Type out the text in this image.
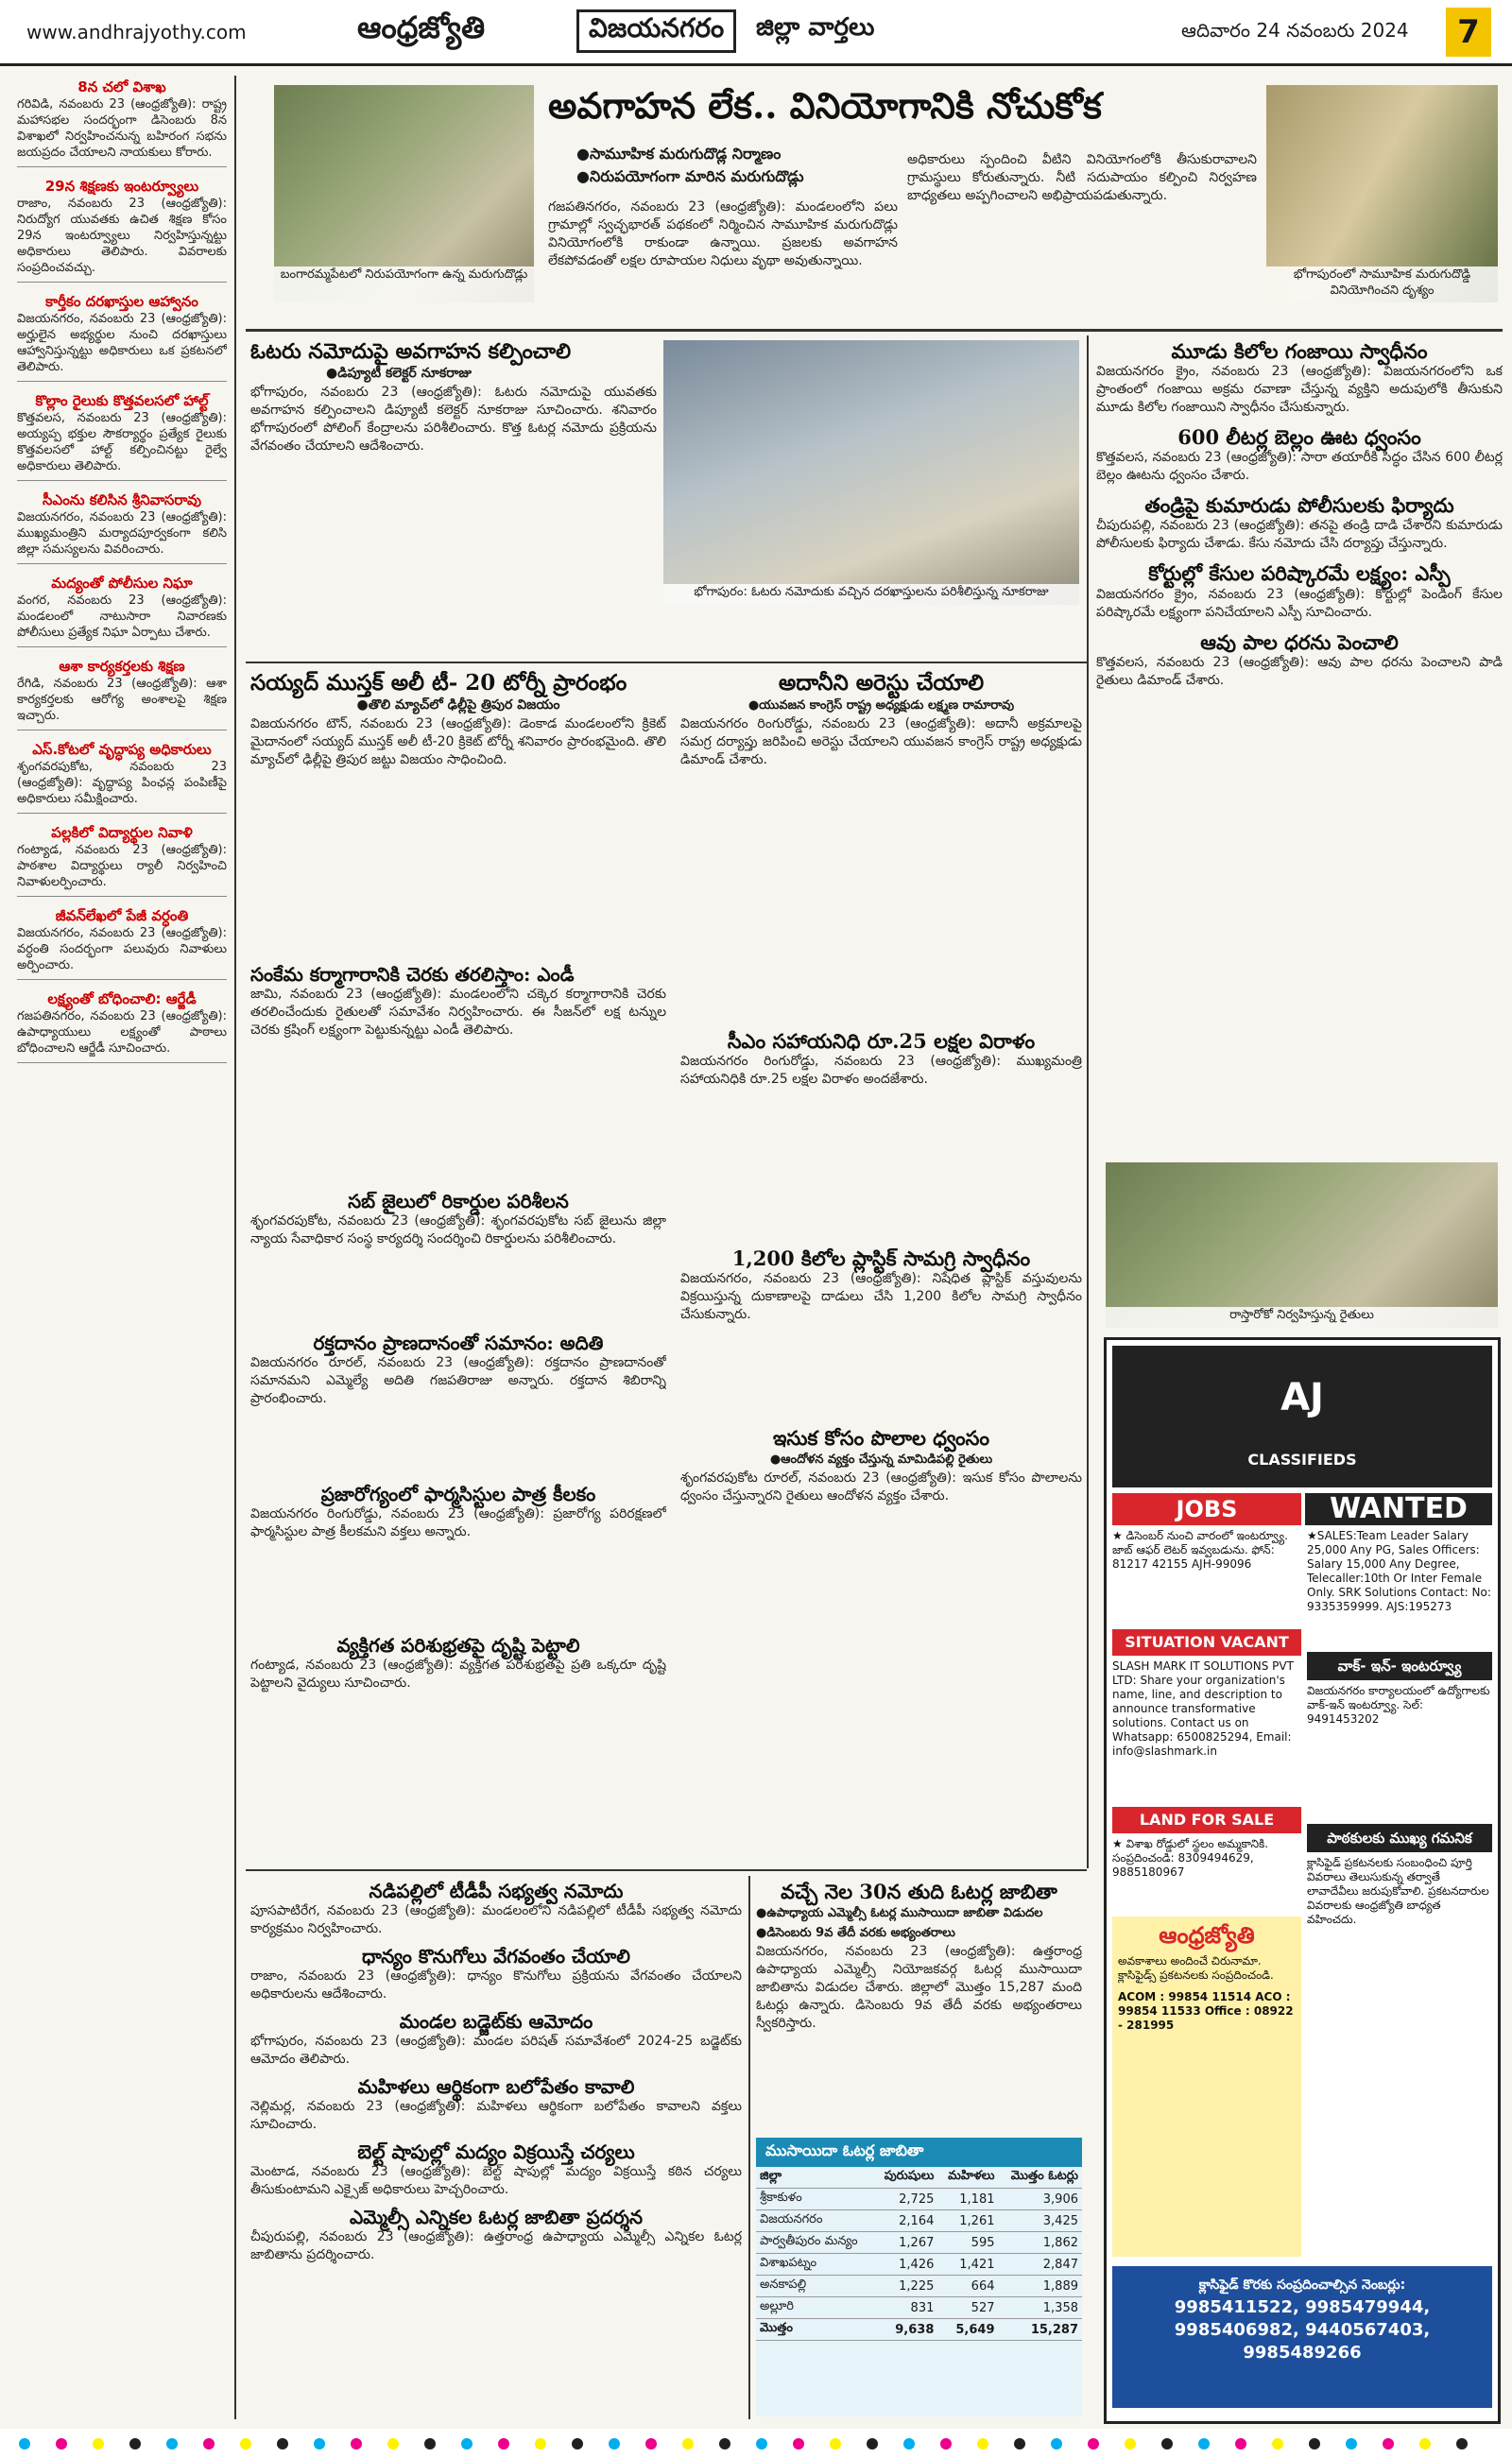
www.andhrajyothy.com	ఆంధ్రజ్యోతి	విజయనగరం	జిల్లా వార్తలు	ఆదివారం 24 నవంబరు 2024	7
8న చలో విశాఖ
గరివిడి, నవంబరు 23 (ఆంధ్రజ్యోతి): రాష్ట్ర మహాసభల సందర్భంగా డిసెంబరు 8న విశాఖలో నిర్వహించనున్న బహిరంగ సభను జయప్రదం చేయాలని నాయకులు కోరారు.
29న శిక్షణకు ఇంటర్వ్యూలు
రాజాం, నవంబరు 23 (ఆంధ్రజ్యోతి): నిరుద్యోగ యువతకు ఉచిత శిక్షణ కోసం 29న ఇంటర్వ్యూలు నిర్వహిస్తున్నట్టు అధికారులు తెలిపారు. వివరాలకు సంప్రదించవచ్చు.
కార్తీకం దరఖాస్తుల ఆహ్వానం
విజయనగరం, నవంబరు 23 (ఆంధ్రజ్యోతి): అర్హులైన అభ్యర్థుల నుంచి దరఖాస్తులు ఆహ్వానిస్తున్నట్టు అధికారులు ఒక ప్రకటనలో తెలిపారు.
కొల్లాం రైలుకు కొత్తవలసలో హాల్ట్
కొత్తవలస, నవంబరు 23 (ఆంధ్రజ్యోతి): అయ్యప్ప భక్తుల సౌకర్యార్థం ప్రత్యేక రైలుకు కొత్తవలసలో హాల్ట్ కల్పించినట్టు రైల్వే అధికారులు తెలిపారు.
సీఎంను కలిసిన శ్రీనివాసరావు
విజయనగరం, నవంబరు 23 (ఆంధ్రజ్యోతి): ముఖ్యమంత్రిని మర్యాదపూర్వకంగా కలిసి జిల్లా సమస్యలను వివరించారు.
మద్యంతో పోలీసుల నిఘా
వంగర, నవంబరు 23 (ఆంధ్రజ్యోతి): మండలంలో నాటుసారా నివారణకు పోలీసులు ప్రత్యేక నిఘా ఏర్పాటు చేశారు.
ఆశా కార్యకర్తలకు శిక్షణ
రేగిడి, నవంబరు 23 (ఆంధ్రజ్యోతి): ఆశా కార్యకర్తలకు ఆరోగ్య అంశాలపై శిక్షణ ఇచ్చారు.
ఎస్‌.కోటలో వృద్ధాప్య అధికారులు
శృంగవరపుకోట, నవంబరు 23 (ఆంధ్రజ్యోతి): వృద్ధాప్య పింఛన్ల పంపిణీపై అధికారులు సమీక్షించారు.
పల్లకిలో విద్యార్థుల నివాళి
గంట్యాడ, నవంబరు 23 (ఆంధ్రజ్యోతి): పాఠశాల విద్యార్థులు ర్యాలీ నిర్వహించి నివాళులర్పించారు.
జీవన్‌లేఖలో పేజీ వర్ధంతి
విజయనగరం, నవంబరు 23 (ఆంధ్రజ్యోతి): వర్ధంతి సందర్భంగా పలువురు నివాళులు అర్పించారు.
లక్ష్యంతో బోధించాలి: ఆర్జేడీ
గజపతినగరం, నవంబరు 23 (ఆంధ్రజ్యోతి): ఉపాధ్యాయులు లక్ష్యంతో పాఠాలు బోధించాలని ఆర్జేడీ సూచించారు.
బంగారమ్మపేటలో నిరుపయోగంగా ఉన్న మరుగుదొడ్లు
అవగాహన లేక.. వినియోగానికి నోచుకోక
●సామూహిక మరుగుదొడ్ల నిర్మాణం
●నిరుపయోగంగా మారిన మరుగుదొడ్లు
గజపతినగరం, నవంబరు 23 (ఆంధ్రజ్యోతి): మండలంలోని పలు గ్రామాల్లో స్వచ్ఛభారత్ పథకంలో నిర్మించిన సామూహిక మరుగుదొడ్లు వినియోగంలోకి రాకుండా ఉన్నాయి. ప్రజలకు అవగాహన లేకపోవడంతో లక్షల రూపాయల నిధులు వృథా అవుతున్నాయి.
అధికారులు స్పందించి వీటిని వినియోగంలోకి తీసుకురావాలని గ్రామస్థులు కోరుతున్నారు. నీటి సదుపాయం కల్పించి నిర్వహణ బాధ్యతలు అప్పగించాలని అభిప్రాయపడుతున్నారు.
భోగాపురంలో సామూహిక మరుగుదొడ్డి వినియోగించని దృశ్యం
ఓటరు నమోదుపై అవగాహన కల్పించాలి
●డిప్యూటీ కలెక్టర్‌ నూకరాజు
భోగాపురం, నవంబరు 23 (ఆంధ్రజ్యోతి): ఓటరు నమోదుపై యువతకు అవగాహన కల్పించాలని డిప్యూటీ కలెక్టర్ నూకరాజు సూచించారు. శనివారం భోగాపురంలో పోలింగ్ కేంద్రాలను పరిశీలించారు. కొత్త ఓటర్ల నమోదు ప్రక్రియను వేగవంతం చేయాలని ఆదేశించారు.
భోగాపురం: ఓటరు నమోదుకు వచ్చిన దరఖాస్తులను పరిశీలిస్తున్న నూకరాజు
సయ్యద్‌ ముస్తక్‌ అలీ టీ- 20 టోర్నీ ప్రారంభం
●తొలి మ్యాచ్‌లో ఢిల్లీపై త్రిపుర విజయం
విజయనగరం టౌన్, నవంబరు 23 (ఆంధ్రజ్యోతి): డెంకాడ మండలంలోని క్రికెట్ మైదానంలో సయ్యద్ ముస్తక్ అలీ టీ-20 క్రికెట్ టోర్నీ శనివారం ప్రారంభమైంది. తొలి మ్యాచ్‌లో ఢిల్లీపై త్రిపుర జట్టు విజయం సాధించింది.
అదానీని అరెస్టు చేయాలి
●యువజన కాంగ్రెస్‌ రాష్ట్ర అధ్యక్షుడు లక్ష్మణ రామారావు
విజయనగరం రింగురోడ్డు, నవంబరు 23 (ఆంధ్రజ్యోతి): అదానీ అక్రమాలపై సమగ్ర దర్యాప్తు జరిపించి అరెస్టు చేయాలని యువజన కాంగ్రెస్ రాష్ట్ర అధ్యక్షుడు డిమాండ్ చేశారు.
సంకేమ కర్మాగారానికి చెరకు తరలిస్తాం: ఎండీ
జామి, నవంబరు 23 (ఆంధ్రజ్యోతి): మండలంలోని చక్కెర కర్మాగారానికి చెరకు తరలించేందుకు రైతులతో సమావేశం నిర్వహించారు. ఈ సీజన్‌లో లక్ష టన్నుల చెరకు క్రషింగ్ లక్ష్యంగా పెట్టుకున్నట్టు ఎండీ తెలిపారు.	సీఎం సహాయనిధి రూ.25 లక్షల విరాళం
విజయనగరం రింగురోడ్డు, నవంబరు 23 (ఆంధ్రజ్యోతి): ముఖ్యమంత్రి సహాయనిధికి రూ.25 లక్షల విరాళం అందజేశారు.
సబ్‌ జైలులో రికార్డుల పరిశీలన
శృంగవరపుకోట, నవంబరు 23 (ఆంధ్రజ్యోతి): శృంగవరపుకోట సబ్ జైలును జిల్లా న్యాయ సేవాధికార సంస్థ కార్యదర్శి సందర్శించి రికార్డులను పరిశీలించారు.
1,200 కిలోల ప్లాస్టిక్‌ సామగ్రి స్వాధీనం
విజయనగరం, నవంబరు 23 (ఆంధ్రజ్యోతి): నిషేధిత ప్లాస్టిక్ వస్తువులను విక్రయిస్తున్న దుకాణాలపై దాడులు చేసి 1,200 కిలోల సామగ్రి స్వాధీనం చేసుకున్నారు.
రక్తదానం ప్రాణదానంతో సమానం: అదితి
విజయనగరం రూరల్, నవంబరు 23 (ఆంధ్రజ్యోతి): రక్తదానం ప్రాణదానంతో సమానమని ఎమ్మెల్యే అదితి గజపతిరాజు అన్నారు. రక్తదాన శిబిరాన్ని ప్రారంభించారు.
ఇసుక కోసం పొలాల ధ్వంసం
●ఆందోళన వ్యక్తం చేస్తున్న మామిడిపల్లి రైతులు
శృంగవరపుకోట రూరల్, నవంబరు 23 (ఆంధ్రజ్యోతి): ఇసుక కోసం పొలాలను ధ్వంసం చేస్తున్నారని రైతులు ఆందోళన వ్యక్తం చేశారు.
ప్రజారోగ్యంలో ఫార్మసిస్టుల పాత్ర కీలకం
విజయనగరం రింగురోడ్డు, నవంబరు 23 (ఆంధ్రజ్యోతి): ప్రజారోగ్య పరిరక్షణలో ఫార్మసిస్టుల పాత్ర కీలకమని వక్తలు అన్నారు.
వ్యక్తిగత పరిశుభ్రతపై దృష్టి పెట్టాలి
గంట్యాడ, నవంబరు 23 (ఆంధ్రజ్యోతి): వ్యక్తిగత పరిశుభ్రతపై ప్రతి ఒక్కరూ దృష్టి పెట్టాలని వైద్యులు సూచించారు.
నడిపల్లిలో టీడీపీ సభ్యత్వ నమోదు
పూసపాటిరేగ, నవంబరు 23 (ఆంధ్రజ్యోతి): మండలంలోని నడిపల్లిలో టీడీపీ సభ్యత్వ నమోదు కార్యక్రమం నిర్వహించారు.
ధాన్యం కొనుగోలు వేగవంతం చేయాలి
రాజాం, నవంబరు 23 (ఆంధ్రజ్యోతి): ధాన్యం కొనుగోలు ప్రక్రియను వేగవంతం చేయాలని అధికారులను ఆదేశించారు.
మండల బడ్జెట్‌కు ఆమోదం
భోగాపురం, నవంబరు 23 (ఆంధ్రజ్యోతి): మండల పరిషత్ సమావేశంలో 2024-25 బడ్జెట్‌కు ఆమోదం తెలిపారు.
మహిళలు ఆర్థికంగా బలోపేతం కావాలి
నెల్లిమర్ల, నవంబరు 23 (ఆంధ్రజ్యోతి): మహిళలు ఆర్థికంగా బలోపేతం కావాలని వక్తలు సూచించారు.
బెల్ట్‌ షాపుల్లో మద్యం విక్రయిస్తే చర్యలు
మెంటాడ, నవంబరు 23 (ఆంధ్రజ్యోతి): బెల్ట్ షాపుల్లో మద్యం విక్రయిస్తే కఠిన చర్యలు తీసుకుంటామని ఎక్సైజ్ అధికారులు హెచ్చరించారు.
ఎమ్మెల్సీ ఎన్నికల ఓటర్ల జాబితా ప్రదర్శన
చీపురుపల్లి, నవంబరు 23 (ఆంధ్రజ్యోతి): ఉత్తరాంధ్ర ఉపాధ్యాయ ఎమ్మెల్సీ ఎన్నికల ఓటర్ల జాబితాను ప్రదర్శించారు.
వచ్చే నెల 30న తుది ఓటర్ల జాబితా
●ఉపాధ్యాయ ఎమ్మెల్సీ ఓటర్ల ముసాయిదా జాబితా విడుదల
●డిసెంబరు 9వ తేదీ వరకు అభ్యంతరాలు
విజయనగరం, నవంబరు 23 (ఆంధ్రజ్యోతి): ఉత్తరాంధ్ర ఉపాధ్యాయ ఎమ్మెల్సీ నియోజకవర్గ ఓటర్ల ముసాయిదా జాబితాను విడుదల చేశారు. జిల్లాలో మొత్తం 15,287 మంది ఓటర్లు ఉన్నారు. డిసెంబరు 9వ తేదీ వరకు అభ్యంతరాలు స్వీకరిస్తారు.
ముసాయిదా ఓటర్ల జాబితా
జిల్లా	పురుషులు	మహిళలు	మొత్తం ఓటర్లు
శ్రీకాకుళం	2,725	1,181	3,906
విజయనగరం	2,164	1,261	3,425
పార్వతీపురం మన్యం	1,267	595	1,862
విశాఖపట్నం	1,426	1,421	2,847
అనకాపల్లి	1,225	664	1,889
అల్లూరి	831	527	1,358
మొత్తం	9,638	5,649	15,287
మూడు కిలోల గంజాయి స్వాధీనం
విజయనగరం క్రైం, నవంబరు 23 (ఆంధ్రజ్యోతి): విజయనగరంలోని ఒక ప్రాంతంలో గంజాయి అక్రమ రవాణా చేస్తున్న వ్యక్తిని అదుపులోకి తీసుకుని మూడు కిలోల గంజాయిని స్వాధీనం చేసుకున్నారు.
600 లీటర్ల బెల్లం ఊట ధ్వంసం
కొత్తవలస, నవంబరు 23 (ఆంధ్రజ్యోతి): సారా తయారీకి సిద్ధం చేసిన 600 లీటర్ల బెల్లం ఊటను ధ్వంసం చేశారు.
తండ్రిపై కుమారుడు పోలీసులకు ఫిర్యాదు
చీపురుపల్లి, నవంబరు 23 (ఆంధ్రజ్యోతి): తనపై తండ్రి దాడి చేశారని కుమారుడు పోలీసులకు ఫిర్యాదు చేశాడు. కేసు నమోదు చేసి దర్యాప్తు చేస్తున్నారు.
కోర్టుల్లో కేసుల పరిష్కారమే లక్ష్యం: ఎస్పీ
విజయనగరం క్రైం, నవంబరు 23 (ఆంధ్రజ్యోతి): కోర్టుల్లో పెండింగ్ కేసుల పరిష్కారమే లక్ష్యంగా పనిచేయాలని ఎస్పీ సూచించారు.
ఆవు పాల ధరను పెంచాలి
కొత్తవలస, నవంబరు 23 (ఆంధ్రజ్యోతి): ఆవు పాల ధరను పెంచాలని పాడి రైతులు డిమాండ్ చేశారు.
రాస్తారోకో నిర్వహిస్తున్న రైతులు
AJ
CLASSIFIEDS
JOBS	WANTED
★ డిసెంబర్ నుంచి వారంలో ఇంటర్వ్యూ. జాబ్ ఆఫర్ లెటర్ ఇవ్వబడును. ఫోన్: 81217 42155 AJH-99096
★SALES:Team Leader Salary 25,000 Any PG, Sales Officers: Salary 15,000 Any Degree, Telecaller:10th Or Inter Female Only. SRK Solutions Contact: No: 9335359999. AJS:195273
SITUATION VACANT
SLASH MARK IT SOLUTIONS PVT LTD: Share your organization's name, line, and description to announce transformative solutions. Contact us on Whatsapp: 6500825294, Email: info@slashmark.in
వాక్‌- ఇన్‌- ఇంటర్వ్యూ
విజయనగరం కార్యాలయంలో ఉద్యోగాలకు వాక్-ఇన్ ఇంటర్వ్యూ. సెల్: 9491453202
LAND FOR SALE
★ విశాఖ రోడ్డులో స్థలం అమ్మకానికి. సంప్రదించండి: 8309494629, 9885180967
ఆంధ్రజ్యోతి
అవకాశాలు అందించే చిరునామా. క్లాసిఫైడ్స్ ప్రకటనలకు సంప్రదించండి.
ACOM : 99854 11514 ACO : 99854 11533 Office : 08922 - 281995
పాఠకులకు ముఖ్య గమనిక
క్లాసిఫైడ్ ప్రకటనలకు సంబంధించి పూర్తి వివరాలు తెలుసుకున్న తర్వాతే లావాదేవీలు జరుపుకోవాలి. ప్రకటనదారుల వివరాలకు ఆంధ్రజ్యోతి బాధ్యత వహించదు.
క్లాసిఫైడ్‌ కొరకు సంప్రదించాల్సిన నెంబర్లు:
9985411522, 9985479944, 9985406982, 9440567403, 9985489266
